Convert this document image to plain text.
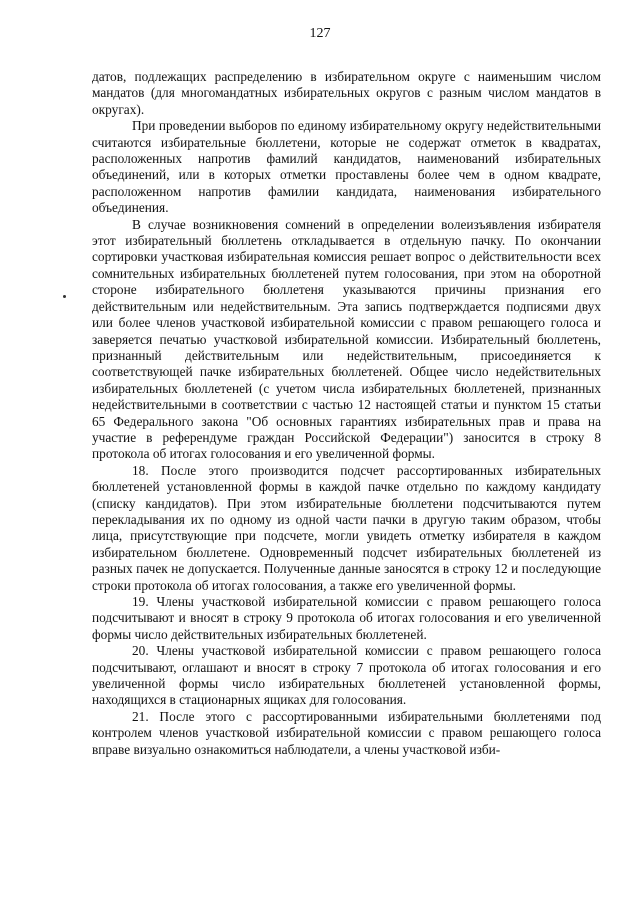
127

датов, подлежащих распределению в избирательном округе с наименьшим числом мандатов (для многомандатных избирательных округов с разным числом мандатов в округах).

При проведении выборов по единому избирательному округу недействительными считаются избирательные бюллетени, которые не содержат отметок в квадратах, расположенных напротив фамилий кандидатов, наименований избирательных объединений, или в которых отметки проставлены более чем в одном квадрате, расположенном напротив фамилии кандидата, наименования избирательного объединения.

В случае возникновения сомнений в определении волеизъявления избирателя этот избирательный бюллетень откладывается в отдельную пачку. По окончании сортировки участковая избирательная комиссия решает вопрос о действительности всех сомнительных избирательных бюллетеней путем голосования, при этом на оборотной стороне избирательного бюллетеня указываются причины признания его действительным или недействительным. Эта запись подтверждается подписями двух или более членов участковой избирательной комиссии с правом решающего голоса и заверяется печатью участковой избирательной комиссии. Избирательный бюллетень, признанный действительным или недействительным, присоединяется к соответствующей пачке избирательных бюллетеней. Общее число недействительных избирательных бюллетеней (с учетом числа избирательных бюллетеней, признанных недействительными в соответствии с частью 12 настоящей статьи и пунктом 15 статьи 65 Федерального закона "Об основных гарантиях избирательных прав и права на участие в референдуме граждан Российской Федерации") заносится в строку 8 протокола об итогах голосования и его увеличенной формы.

18. После этого производится подсчет рассортированных избирательных бюллетеней установленной формы в каждой пачке отдельно по каждому кандидату (списку кандидатов). При этом избирательные бюллетени подсчитываются путем перекладывания их по одному из одной части пачки в другую таким образом, чтобы лица, присутствующие при подсчете, могли увидеть отметку избирателя в каждом избирательном бюллетене. Одновременный подсчет избирательных бюллетеней из разных пачек не допускается. Полученные данные заносятся в строку 12 и последующие строки протокола об итогах голосования, а также его увеличенной формы.

19. Члены участковой избирательной комиссии с правом решающего голоса подсчитывают и вносят в строку 9 протокола об итогах голосования и его увеличенной формы число действительных избирательных бюллетеней.

20. Члены участковой избирательной комиссии с правом решающего голоса подсчитывают, оглашают и вносят в строку 7 протокола об итогах голосования и его увеличенной формы число избирательных бюллетеней установленной формы, находящихся в стационарных ящиках для голосования.

21. После этого с рассортированными избирательными бюллетенями под контролем членов участковой избирательной комиссии с правом решающего голоса вправе визуально ознакомиться наблюдатели, а члены участковой изби-
